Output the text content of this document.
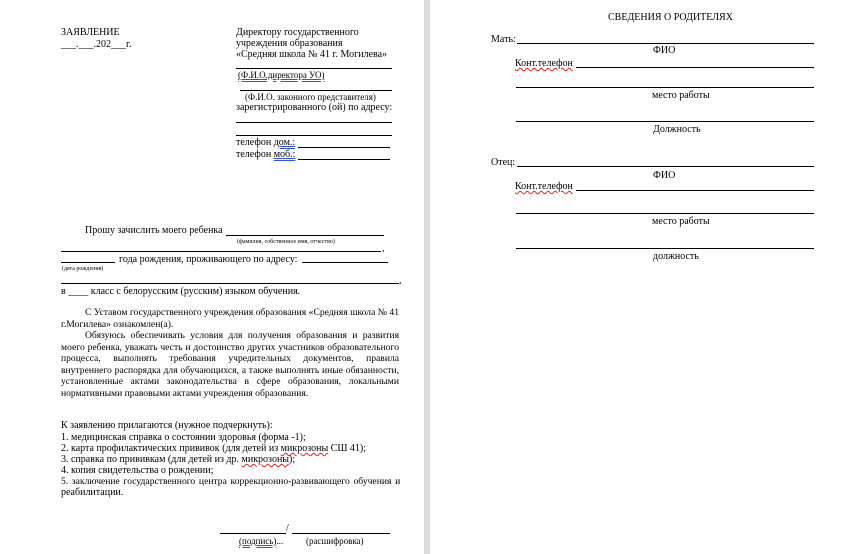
ЗАЯВЛЕНИЕ
___.___.202___г.
Директору государственного
учреждения образования
«Средняя школа № 41 г. Могилева»
(Ф.И.О.директора УО)
(Ф.И.О. законного представителя)
зарегистрированного (ой) по адресу:
телефон дом.:
телефон моб.:
Прошу зачислить моего ребенка
(фамилия, собственное имя, отчество)
,
года рождения, проживающего по адресу:
(дата рождения)
,
в ____ класс с белорусским (русским) языком обучения.
С Уставом государственного учреждения образования «Средняя школа № 41 г.Могилева» ознакомлен(а).
Обязуюсь обеспечивать условия для получения образования и развития моего ребенка, уважать честь и достоинство других участников образовательного процесса, выполнять требования учредительных документов, правила внутреннего распорядка для обучающихся, а также выполнять иные обязанности, установленные актами законодательства в сфере образования, локальными нормативными правовыми актами учреждения образования.
К заявлению прилагаются (нужное подчеркнуть):
1. медицинская справка о состоянии здоровья (форма -1);
2. карта профилактических прививок (для детей из микрозоны СШ 41);
3. справка по прививкам (для детей из др. микрозоны);
4. копия свидетельства о рождении;
5. заключение государственного центра коррекционно-развивающего обучения и
реабилитации.
/
(подпись)...	(расшифровка)
СВЕДЕНИЯ О РОДИТЕЛЯХ
Мать:
ФИО
Конт.телефон
место работы
Должность
Отец:
ФИО
Конт.телефон
место работы
должность
